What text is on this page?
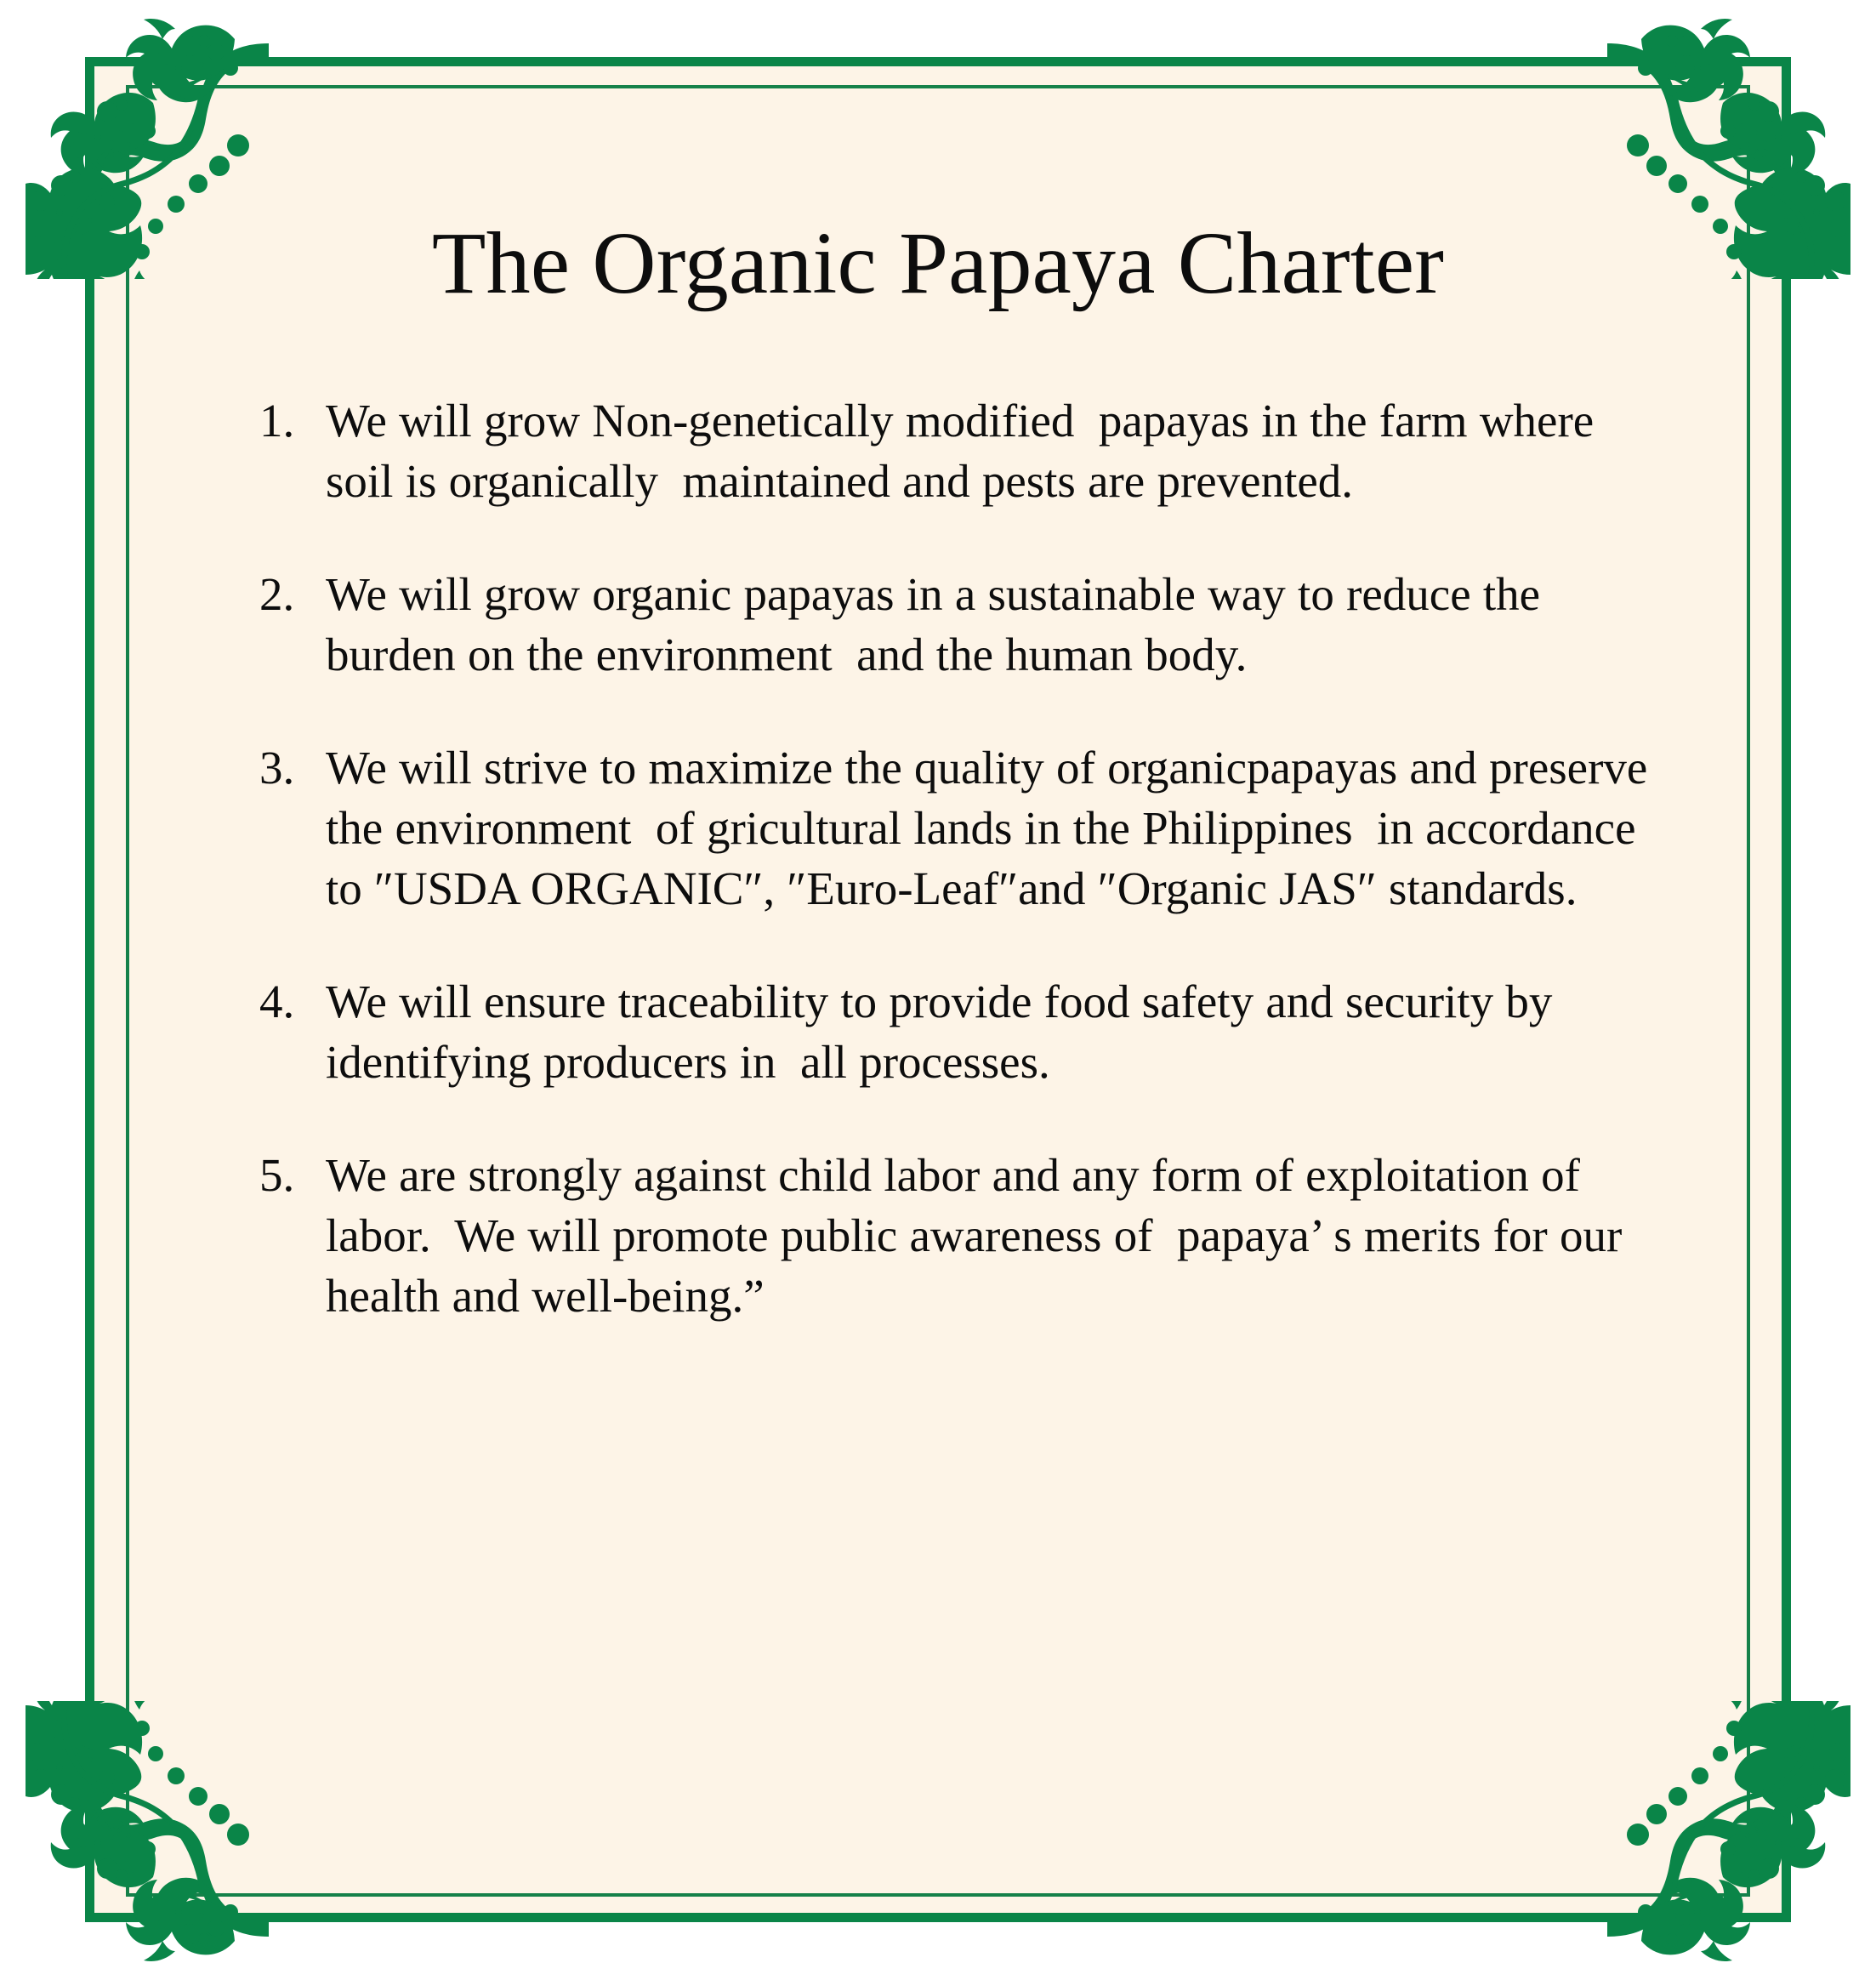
The Organic Papaya Charter
1. We will grow Non-genetically modified  papayas in the farm where soil is organically  maintained and pests are prevented.
2. We will grow organic papayas in a sustainable way to reduce the burden on the environment  and the human body.
3. We will strive to maximize the quality of organicpapayas and preserve the environment  of gricultural lands in the Philippines  in accordance to ″USDA ORGANIC″, ″Euro-Leaf″and ″Organic JAS″ standards.
4. We will ensure traceability to provide food safety and security by identifying producers in  all processes.
5. We are strongly against child labor and any form of exploitation of labor.  We will promote public awareness of  papaya’ s merits for our health and well-being.”
